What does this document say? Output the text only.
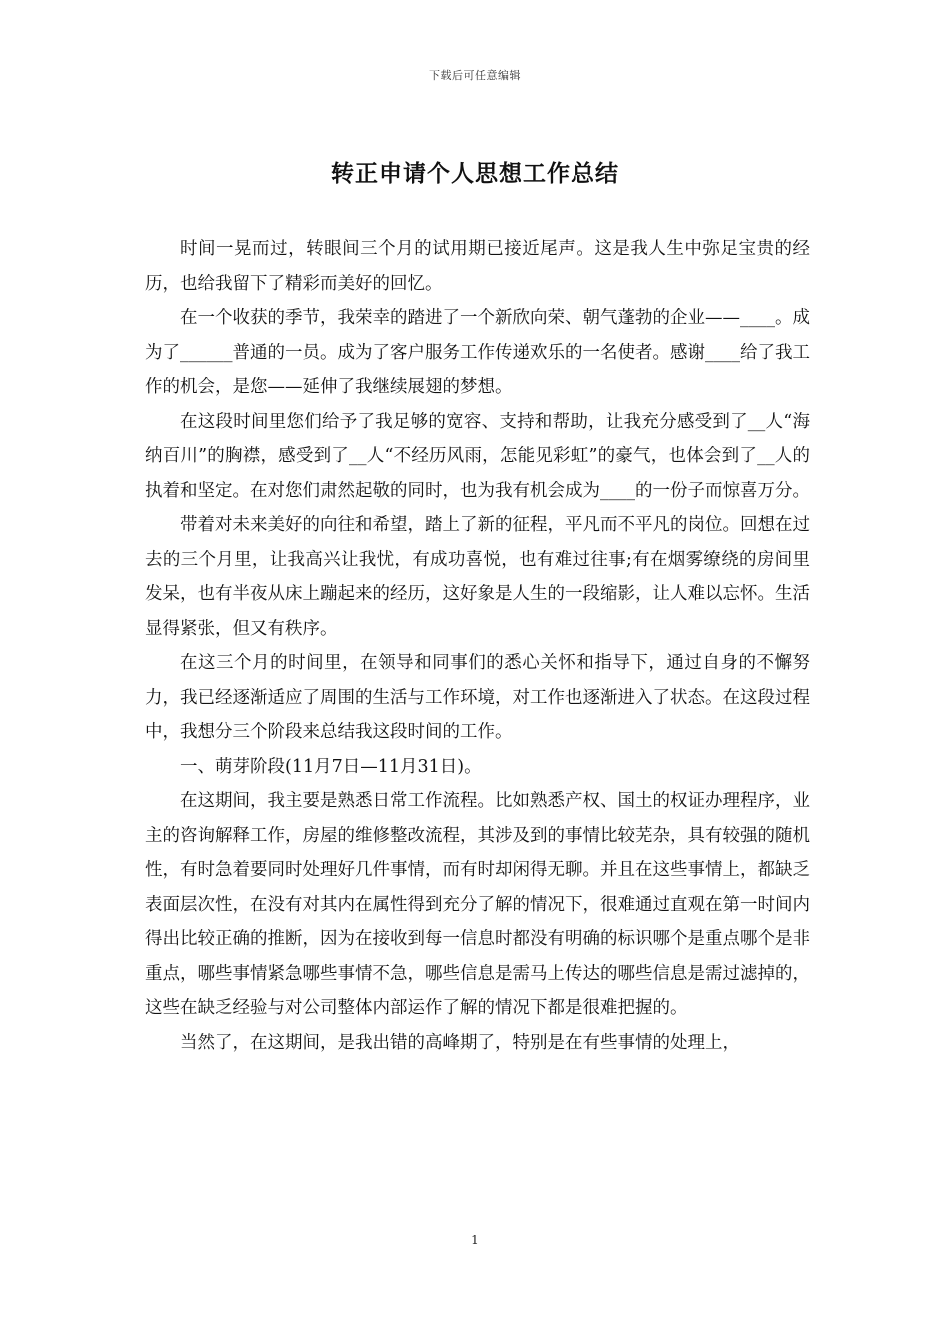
下载后可任意编辑
转正申请个人思想工作总结

时间一晃而过，转眼间三个月的试用期已接近尾声。这是我人生中弥足宝贵的经历，也给我留下了精彩而美好的回忆。

在一个收获的季节，我荣幸的踏进了一个新欣向荣、朝气蓬勃的企业——____。成为了______普通的一员。成为了客户服务工作传递欢乐的一名使者。感谢____给了我工作的机会，是您——延伸了我继续展翅的梦想。

在这段时间里您们给予了我足够的宽容、支持和帮助，让我充分感受到了__人“海纳百川”的胸襟，感受到了__人“不经历风雨，怎能见彩虹”的豪气，也体会到了__人的执着和坚定。在对您们肃然起敬的同时，也为我有机会成为____的一份子而惊喜万分。

带着对未来美好的向往和希望，踏上了新的征程，平凡而不平凡的岗位。回想在过去的三个月里，让我高兴让我忧，有成功喜悦，也有难过往事;有在烟雾缭绕的房间里发呆，也有半夜从床上蹦起来的经历，这好象是人生的一段缩影，让人难以忘怀。生活显得紧张，但又有秩序。

在这三个月的时间里，在领导和同事们的悉心关怀和指导下，通过自身的不懈努力，我已经逐渐适应了周围的生活与工作环境，对工作也逐渐进入了状态。在这段过程中，我想分三个阶段来总结我这段时间的工作。

一、萌芽阶段(11月7日—11月31日)。

在这期间，我主要是熟悉日常工作流程。比如熟悉产权、国土的权证办理程序，业主的咨询解释工作，房屋的维修整改流程，其涉及到的事情比较芜杂，具有较强的随机性，有时急着要同时处理好几件事情，而有时却闲得无聊。并且在这些事情上，都缺乏表面层次性，在没有对其内在属性得到充分了解的情况下，很难通过直观在第一时间内得出比较正确的推断，因为在接收到每一信息时都没有明确的标识哪个是重点哪个是非重点，哪些事情紧急哪些事情不急，哪些信息是需马上传达的哪些信息是需过滤掉的，这些在缺乏经验与对公司整体内部运作了解的情况下都是很难把握的。

当然了，在这期间，是我出错的高峰期了，特别是在有些事情的处理上，

1
